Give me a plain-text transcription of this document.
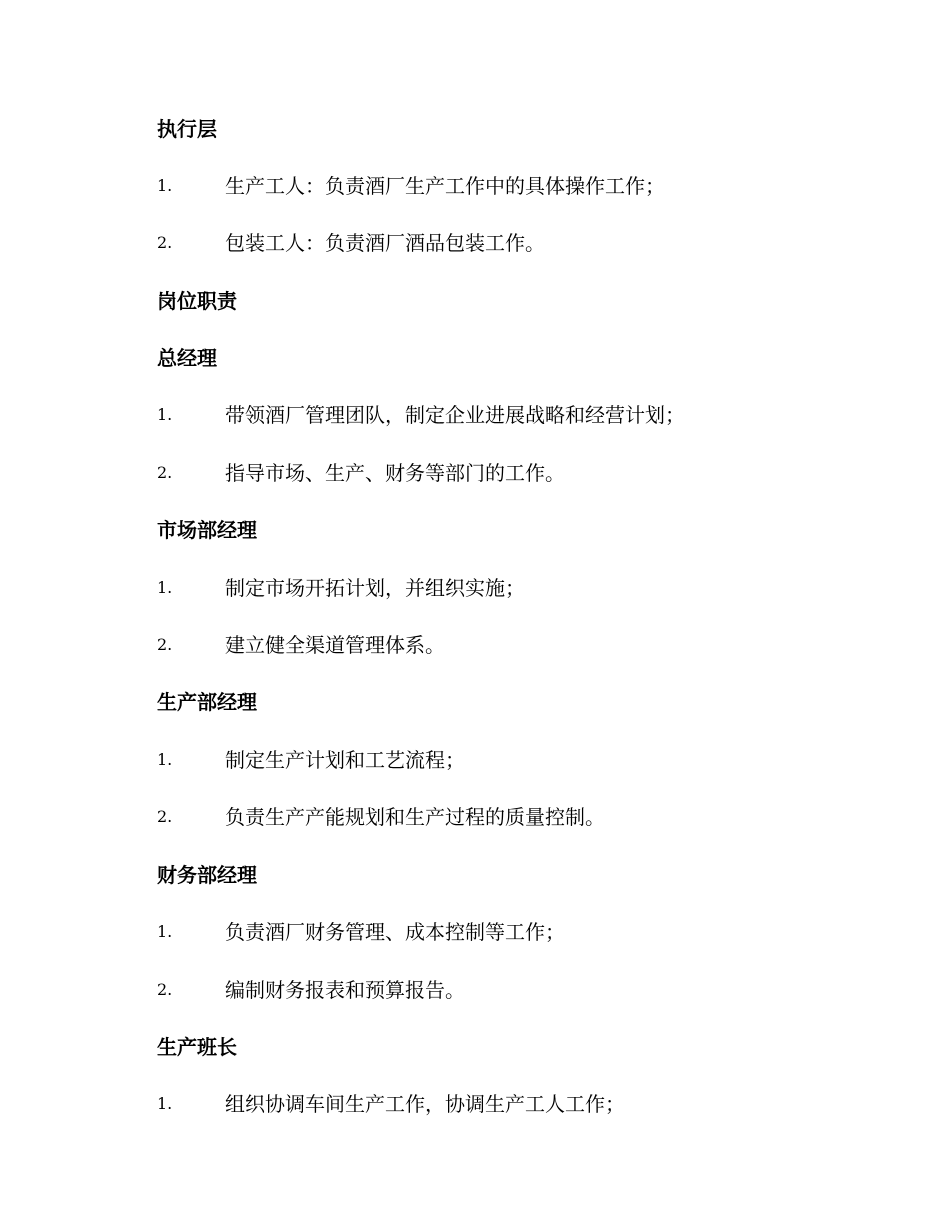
执行层
1.	生产工人：负责酒厂生产工作中的具体操作工作；
2.	包装工人：负责酒厂酒品包装工作。
岗位职责
总经理
1.	带领酒厂管理团队，制定企业进展战略和经营计划；
2.	指导市场、生产、财务等部门的工作。
市场部经理
1.	制定市场开拓计划，并组织实施；
2.	建立健全渠道管理体系。
生产部经理
1.	制定生产计划和工艺流程；
2.	负责生产产能规划和生产过程的质量控制。
财务部经理
1.	负责酒厂财务管理、成本控制等工作；
2.	编制财务报表和预算报告。
生产班长
1.	组织协调车间生产工作，协调生产工人工作；
